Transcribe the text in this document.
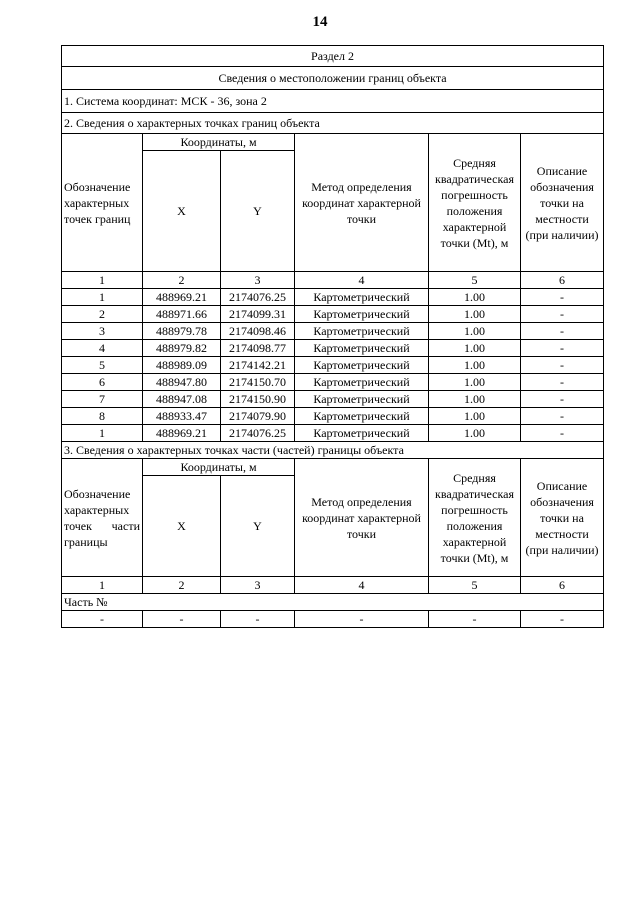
14
Раздел 2					
Сведения о местоположении границ объекта					
1. Система координат: МСК - 36, зона 2					
2. Сведения о характерных точках границ объекта					
Обозначение характерных точек границ	Координаты, м		Метод определения координат характерной точки	Средняя квадратическая погрешность положения характерной точки (Mt), м	Описание обозначения точки на местности (при наличии)
	X	Y			
1	2	3	4	5	6
1	488969.21	2174076.25	Картометрический	1.00	-
2	488971.66	2174099.31	Картометрический	1.00	-
3	488979.78	2174098.46	Картометрический	1.00	-
4	488979.82	2174098.77	Картометрический	1.00	-
5	488989.09	2174142.21	Картометрический	1.00	-
6	488947.80	2174150.70	Картометрический	1.00	-
7	488947.08	2174150.90	Картометрический	1.00	-
8	488933.47	2174079.90	Картометрический	1.00	-
1	488969.21	2174076.25	Картометрический	1.00	-
3. Сведения о характерных точках части (частей) границы объекта					
Обозначение характерных точек части границы	Координаты, м		Метод определения координат характерной точки	Средняя квадратическая погрешность положения характерной точки (Mt), м	Описание обозначения точки на местности (при наличии)
	X	Y			
1	2	3	4	5	6
Часть №					
-	-	-	-	-	-
